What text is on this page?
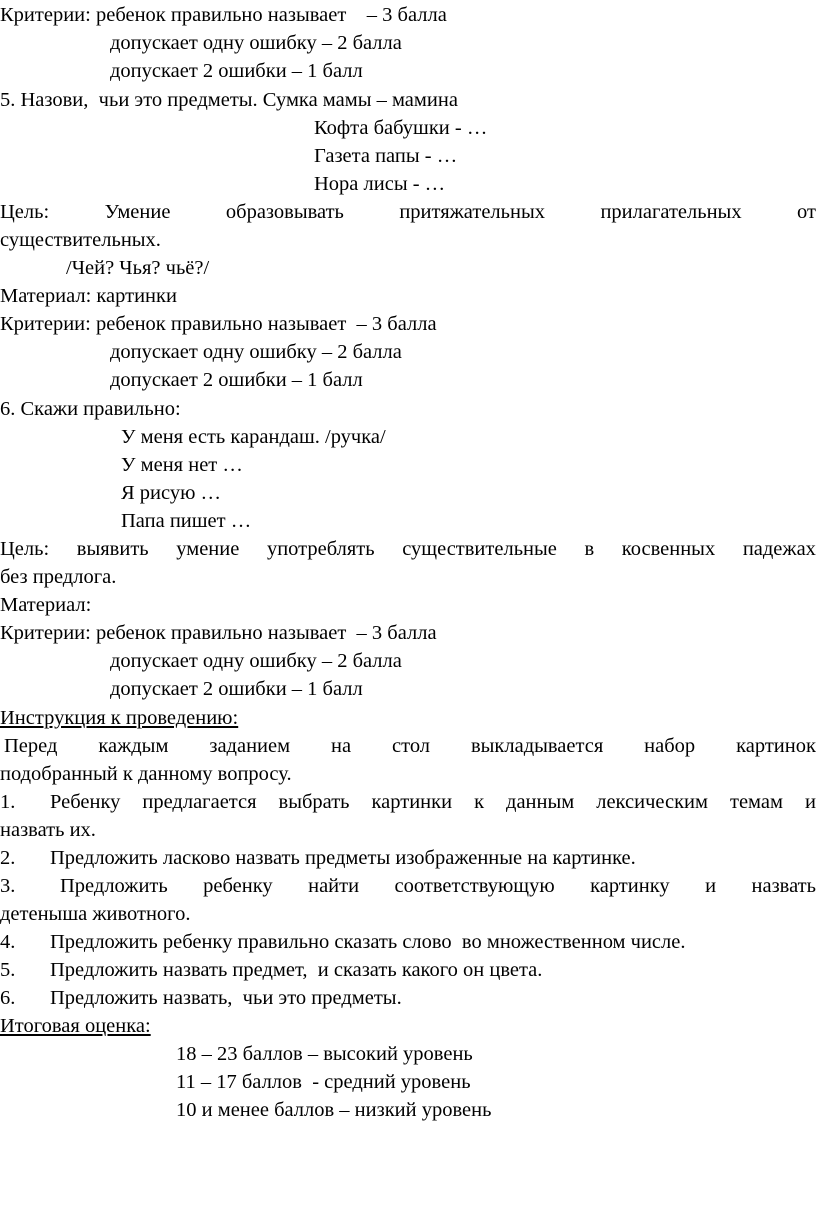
Критерии: ребенок правильно называет    – 3 балла
допускает одну ошибку – 2 балла
допускает 2 ошибки – 1 балл
5. Назови,  чьи это предметы. Сумка мамы – мамина
Кофта бабушки - …
Газета папы - …
Нора лисы - …
Цель:	Умение	образовывать	притяжательных	прилагательных	от
существительных.
/Чей? Чья? чьё?/
Материал: картинки
Критерии: ребенок правильно называет  – 3 балла
допускает одну ошибку – 2 балла
допускает 2 ошибки – 1 балл
6. Скажи правильно:
У меня есть карандаш. /ручка/
У меня нет …
Я рисую …
Папа пишет …
Цель: выявить умение употреблять существительные в косвенных падежах
без предлога.
Материал:
Критерии: ребенок правильно называет  – 3 балла
допускает одну ошибку – 2 балла
допускает 2 ошибки – 1 балл
Инструкция к проведению:
Перед каждым заданием на стол выкладывается набор картинок
подобранный к данному вопросу.
1. Ребенку предлагается выбрать картинки к данным лексическим темам и
назвать их.
2. Предложить ласково назвать предметы изображенные на картинке.
3. Предложить ребенку найти соответствующую картинку и назвать
детеныша животного.
4. Предложить ребенку правильно сказать слово  во множественном числе.
5. Предложить назвать предмет,  и сказать какого он цвета.
6. Предложить назвать,  чьи это предметы.
Итоговая оценка:
18 – 23 баллов – высокий уровень
11 – 17 баллов  - средний уровень
10 и менее баллов – низкий уровень
